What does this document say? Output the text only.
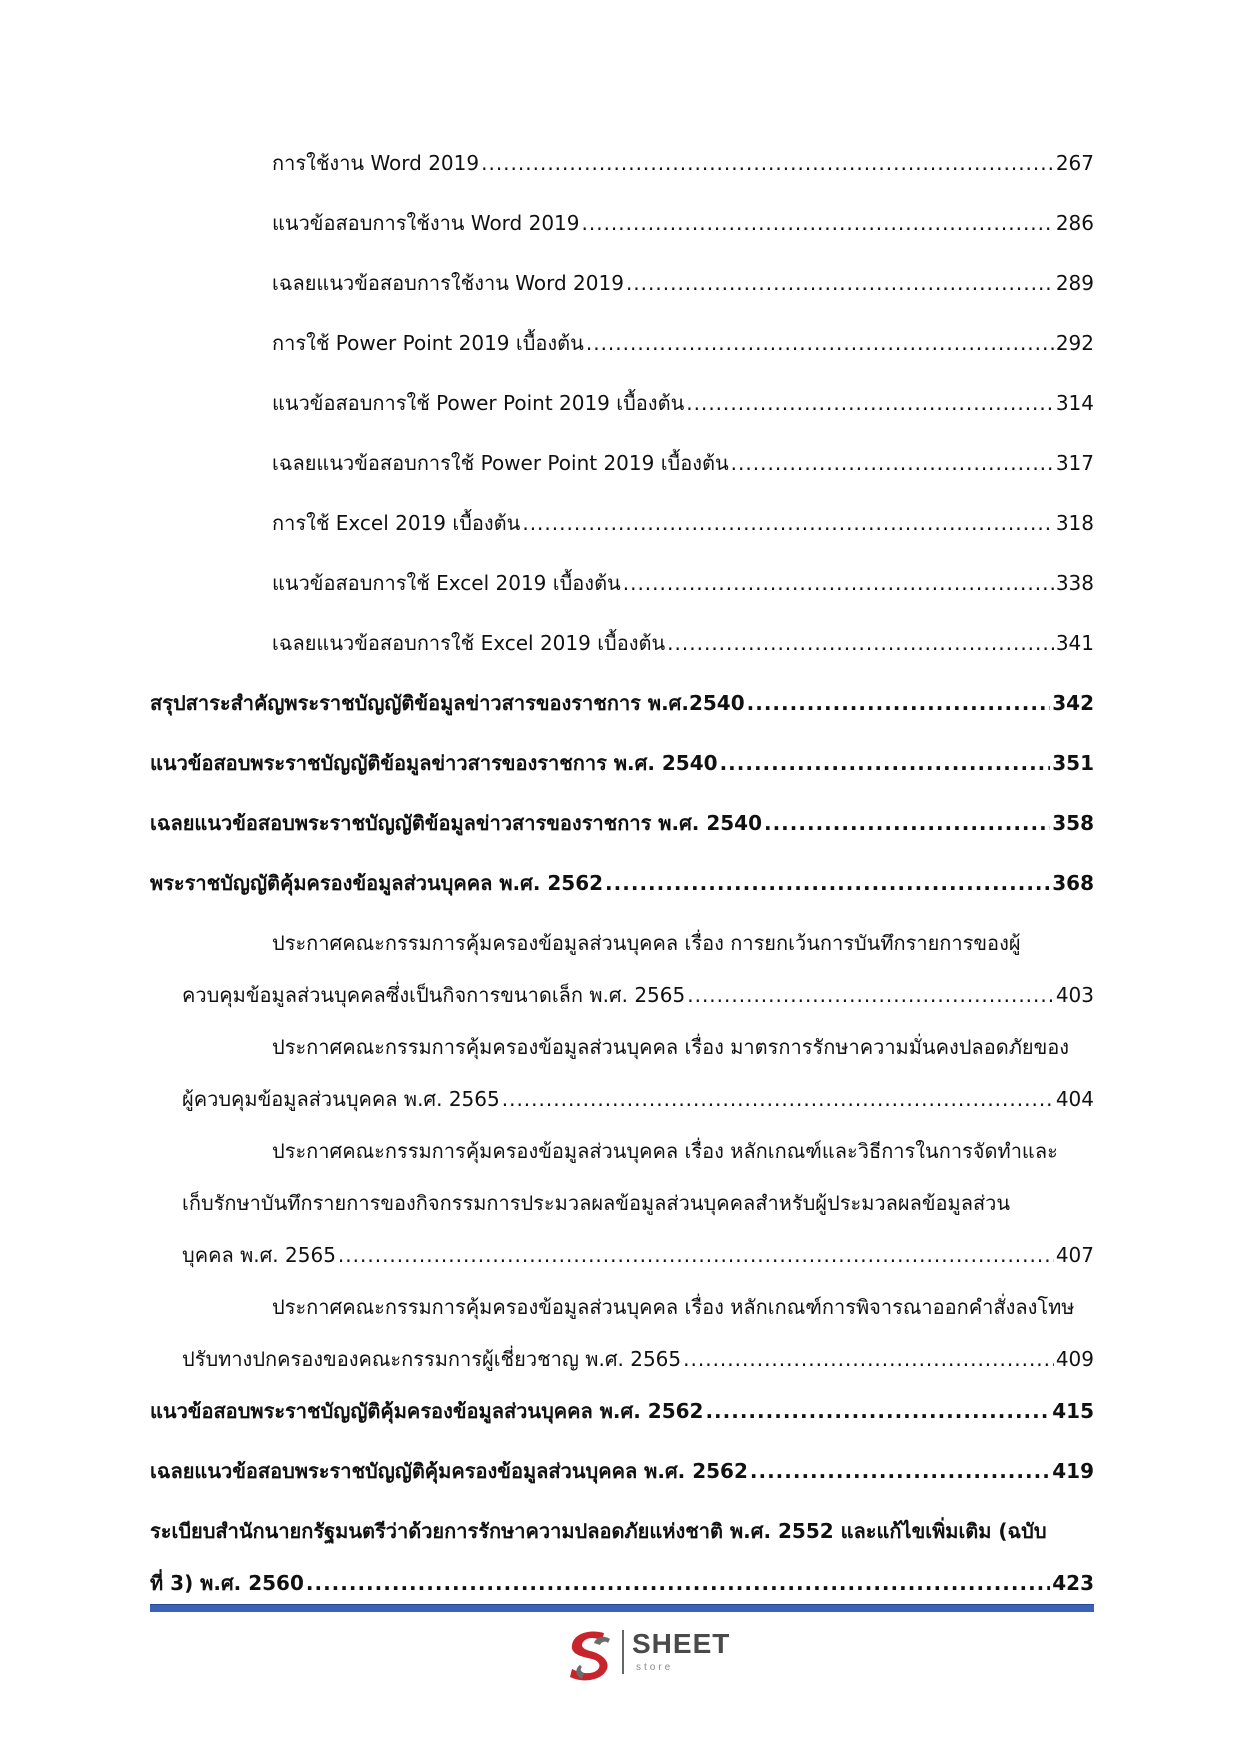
การใช้งาน Word 2019 .....	267
แนวข้อสอบการใช้งาน Word 2019 .....	286
เฉลยแนวข้อสอบการใช้งาน Word 2019 .....	289
การใช้ Power Point 2019 เบื้องต้น .....	292
แนวข้อสอบการใช้ Power Point 2019 เบื้องต้น .....	314
เฉลยแนวข้อสอบการใช้ Power Point 2019 เบื้องต้น .....	317
การใช้ Excel 2019 เบื้องต้น .....	318
แนวข้อสอบการใช้ Excel 2019 เบื้องต้น .....	338
เฉลยแนวข้อสอบการใช้ Excel 2019 เบื้องต้น .....	341
สรุปสาระสำคัญพระราชบัญญัติข้อมูลข่าวสารของราชการ พ.ศ.2540 .....	342
แนวข้อสอบพระราชบัญญัติข้อมูลข่าวสารของราชการ พ.ศ. 2540 .....	351
เฉลยแนวข้อสอบพระราชบัญญัติข้อมูลข่าวสารของราชการ พ.ศ. 2540 .....	358
พระราชบัญญัติคุ้มครองข้อมูลส่วนบุคคล พ.ศ. 2562 .....	368
ประกาศคณะกรรมการคุ้มครองข้อมูลส่วนบุคคล เรื่อง การยกเว้นการบันทึกรายการของผู้
ควบคุมข้อมูลส่วนบุคคลซึ่งเป็นกิจการขนาดเล็ก พ.ศ. 2565 .....	403
ประกาศคณะกรรมการคุ้มครองข้อมูลส่วนบุคคล เรื่อง มาตรการรักษาความมั่นคงปลอดภัยของ
ผู้ควบคุมข้อมูลส่วนบุคคล พ.ศ. 2565 .....	404
ประกาศคณะกรรมการคุ้มครองข้อมูลส่วนบุคคล เรื่อง หลักเกณฑ์และวิธีการในการจัดทำและ
เก็บรักษาบันทึกรายการของกิจกรรมการประมวลผลข้อมูลส่วนบุคคลสำหรับผู้ประมวลผลข้อมูลส่วน
บุคคล พ.ศ. 2565 .....	407
ประกาศคณะกรรมการคุ้มครองข้อมูลส่วนบุคคล เรื่อง หลักเกณฑ์การพิจารณาออกคำสั่งลงโทษ
ปรับทางปกครองของคณะกรรมการผู้เชี่ยวชาญ พ.ศ. 2565 .....	409
แนวข้อสอบพระราชบัญญัติคุ้มครองข้อมูลส่วนบุคคล พ.ศ. 2562 .....	415
เฉลยแนวข้อสอบพระราชบัญญัติคุ้มครองข้อมูลส่วนบุคคล พ.ศ. 2562 .....	419
ระเบียบสำนักนายกรัฐมนตรีว่าด้วยการรักษาความปลอดภัยแห่งชาติ พ.ศ. 2552 และแก้ไขเพิ่มเติม (ฉบับ
ที่ 3) พ.ศ. 2560 .....	423
SHEET
store
